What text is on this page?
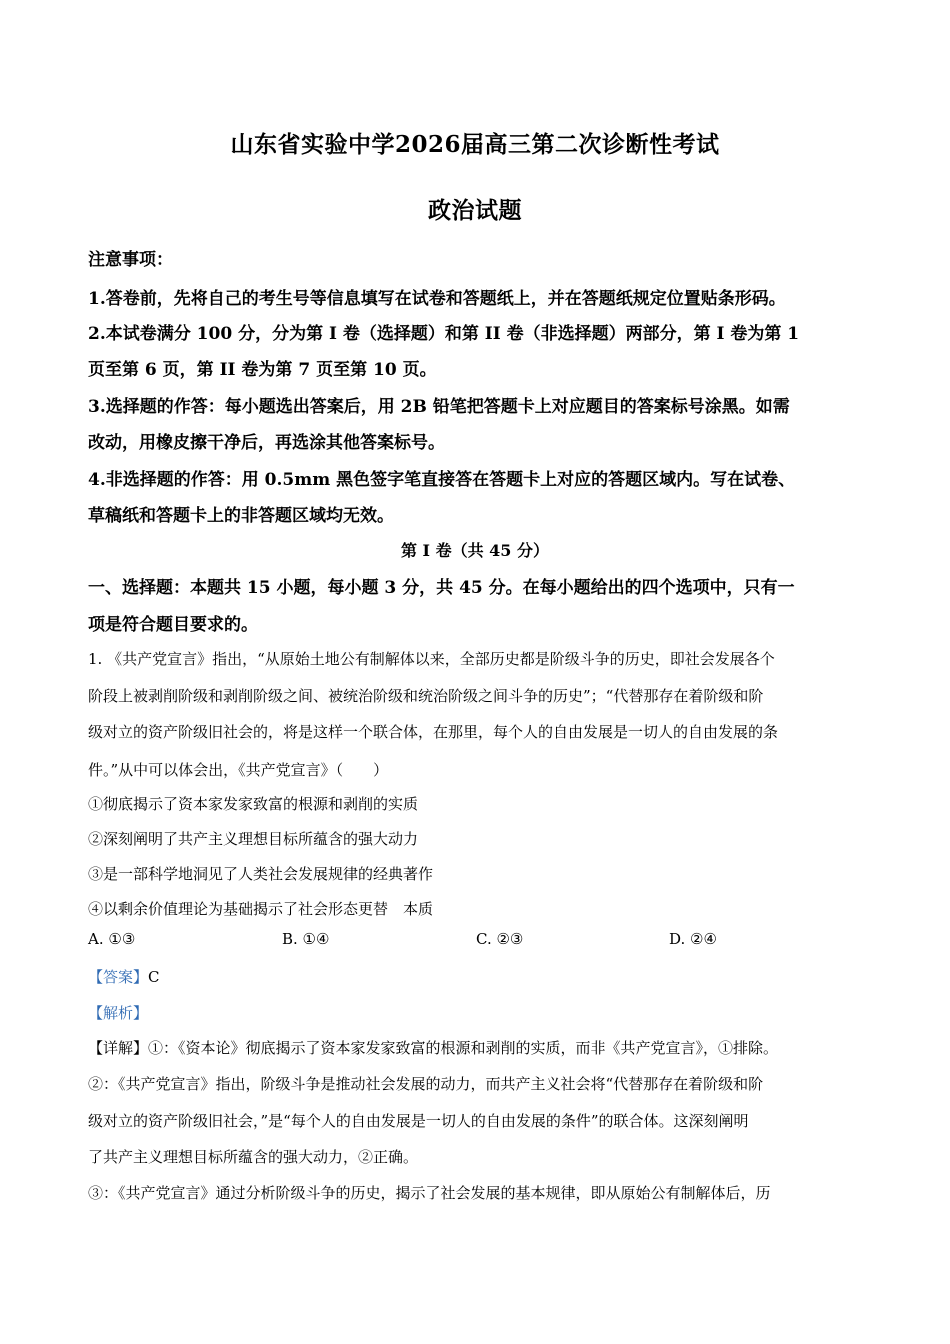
山东省实验中学2026届高三第二次诊断性考试
政治试题
注意事项：
1.答卷前，先将自己的考生号等信息填写在试卷和答题纸上，并在答题纸规定位置贴条形码。
2.本试卷满分 100 分，分为第 I 卷（选择题）和第 II 卷（非选择题）两部分，第 I 卷为第 1
页至第 6 页，第 II 卷为第 7 页至第 10 页。
3.选择题的作答：每小题选出答案后，用 2B 铅笔把答题卡上对应题目的答案标号涂黑。如需
改动，用橡皮擦干净后，再选涂其他答案标号。
4.非选择题的作答：用 0.5mm 黑色签字笔直接答在答题卡上对应的答题区域内。写在试卷、
草稿纸和答题卡上的非答题区域均无效。
第 I 卷（共 45 分）
一、选择题：本题共 15 小题，每小题 3 分，共 45 分。在每小题给出的四个选项中，只有一
项是符合题目要求的。
1. 《共产党宣言》指出，“从原始土地公有制解体以来，全部历史都是阶级斗争的历史，即社会发展各个
阶段上被剥削阶级和剥削阶级之间、被统治阶级和统治阶级之间斗争的历史”；“代替那存在着阶级和阶
级对立的资产阶级旧社会的，将是这样一个联合体，在那里，每个人的自由发展是一切人的自由发展的条
件。”从中可以体会出，《共产党宣言》（　　）
①彻底揭示了资本家发家致富的根源和剥削的实质
②深刻阐明了共产主义理想目标所蕴含的强大动力
③是一部科学地洞见了人类社会发展规律的经典著作
④以剩余价值理论为基础揭示了社会形态更替　本质
A. ①③	B. ①④	C. ②③	D. ②④
【答案】C
【解析】
【详解】①：《资本论》彻底揭示了资本家发家致富的根源和剥削的实质，而非《共产党宣言》，①排除。
②：《共产党宣言》指出，阶级斗争是推动社会发展的动力，而共产主义社会将“代替那存在着阶级和阶
级对立的资产阶级旧社会，”是“每个人的自由发展是一切人的自由发展的条件”的联合体。这深刻阐明
了共产主义理想目标所蕴含的强大动力，②正确。
③：《共产党宣言》通过分析阶级斗争的历史，揭示了社会发展的基本规律，即从原始公有制解体后，历
